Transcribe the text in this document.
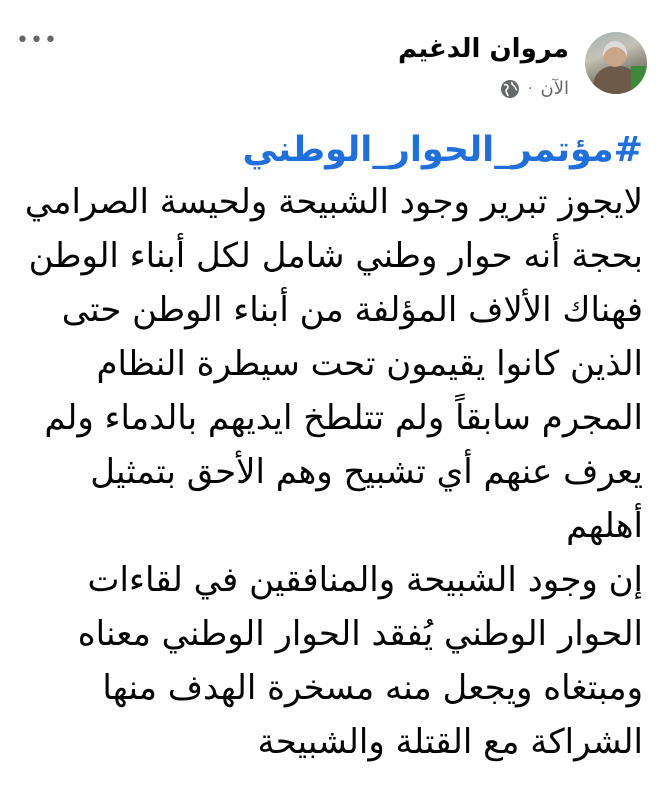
مروان الدغيم
الآن
·
•••
#مؤتمر_الحوار_الوطني
لايجوز تبرير وجود الشبيحة ولحيسة الصرامي
بحجة أنه حوار وطني شامل لكل أبناء الوطن
فهناك الألاف المؤلفة من أبناء الوطن حتى
الذين كانوا يقيمون تحت سيطرة النظام
المجرم سابقاً ولم تتلطخ ايديهم بالدماء ولم
يعرف عنهم أي تشبيح وهم الأحق بتمثيل
أهلهم
إن وجود الشبيحة والمنافقين في لقاءات
الحوار الوطني يُفقد الحوار الوطني معناه
ومبتغاه ويجعل منه مسخرة الهدف منها
الشراكة مع القتلة والشبيحة
